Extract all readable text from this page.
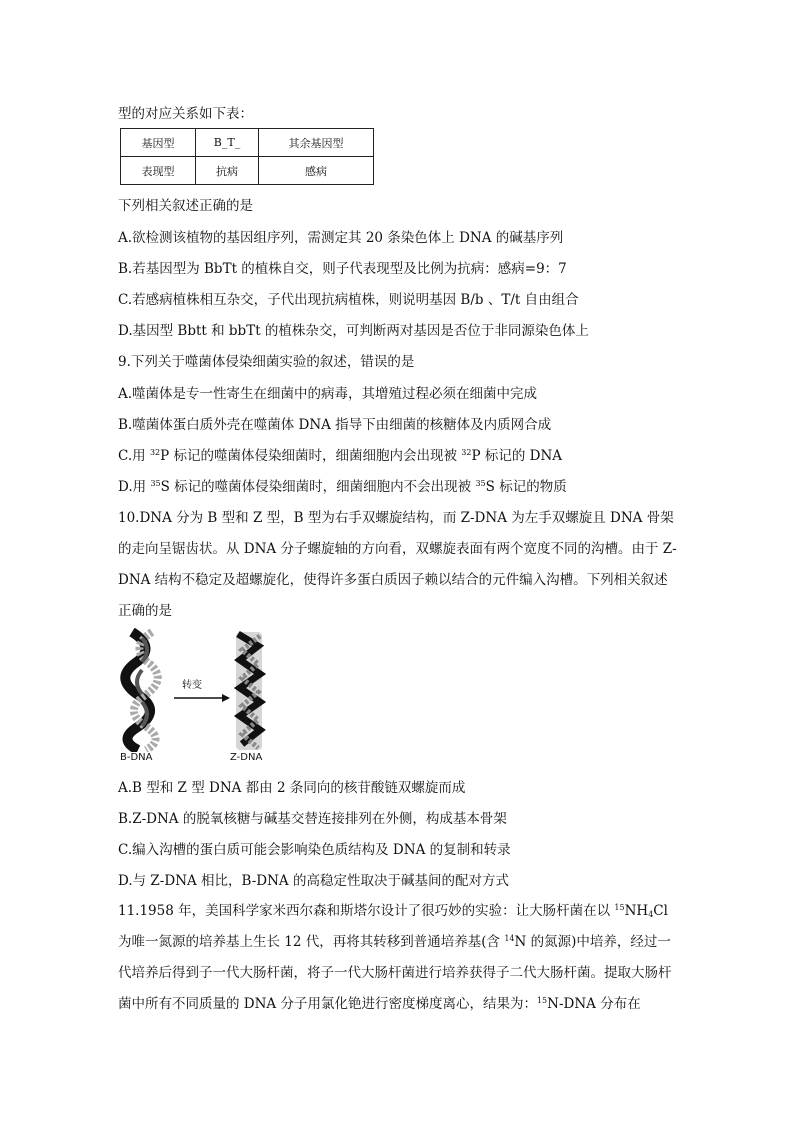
型的对应关系如下表：
基因型	B_T_	其余基因型
表现型	抗病	感病
下列相关叙述正确的是
A.欲检测该植物的基因组序列，需测定其 20 条染色体上 DNA 的碱基序列
B.若基因型为 BbTt 的植株自交，则子代表现型及比例为抗病：感病=9：7
C.若感病植株相互杂交，子代出现抗病植株，则说明基因 B/b 、T/t 自由组合
D.基因型 Bbtt 和 bbTt 的植株杂交，可判断两对基因是否位于非同源染色体上
9.下列关于噬菌体侵染细菌实验的叙述，错误的是
A.噬菌体是专一性寄生在细菌中的病毒，其增殖过程必须在细菌中完成
B.噬菌体蛋白质外壳在噬菌体 DNA 指导下由细菌的核糖体及内质网合成
C.用 $^{32}$P 标记的噬菌体侵染细菌时，细菌细胞内会出现被 $^{32}$P 标记的 DNA
D.用 $^{35}$S 标记的噬菌体侵染细菌时，细菌细胞内不会出现被 $^{35}$S 标记的物质
10.DNA 分为 B 型和 Z 型，B 型为右手双螺旋结构，而 Z-DNA 为左手双螺旋且 DNA 骨架的走向呈锯齿状。从 DNA 分子螺旋轴的方向看，双螺旋表面有两个宽度不同的沟槽。由于 Z-DNA 结构不稳定及超螺旋化，使得许多蛋白质因子赖以结合的元件编入沟槽。下列相关叙述正确的是
转变
B-DNA	Z-DNA
A.B 型和 Z 型 DNA 都由 2 条同向的核苷酸链双螺旋而成
B.Z-DNA 的脱氧核糖与碱基交替连接排列在外侧，构成基本骨架
C.编入沟槽的蛋白质可能会影响染色质结构及 DNA 的复制和转录
D.与 Z-DNA 相比，B-DNA 的高稳定性取决于碱基间的配对方式
11.1958 年，美国科学家米西尔森和斯塔尔设计了很巧妙的实验：让大肠杆菌在以 $^{15}NH_4Cl$ 为唯一氮源的培养基上生长 12 代，再将其转移到普通培养基(含 $^{14}$N 的氮源)中培养，经过一代培养后得到子一代大肠杆菌，将子一代大肠杆菌进行培养获得子二代大肠杆菌。提取大肠杆菌中所有不同质量的 DNA 分子用氯化铯进行密度梯度离心，结果为：$^{15}$N-DNA 分布在
